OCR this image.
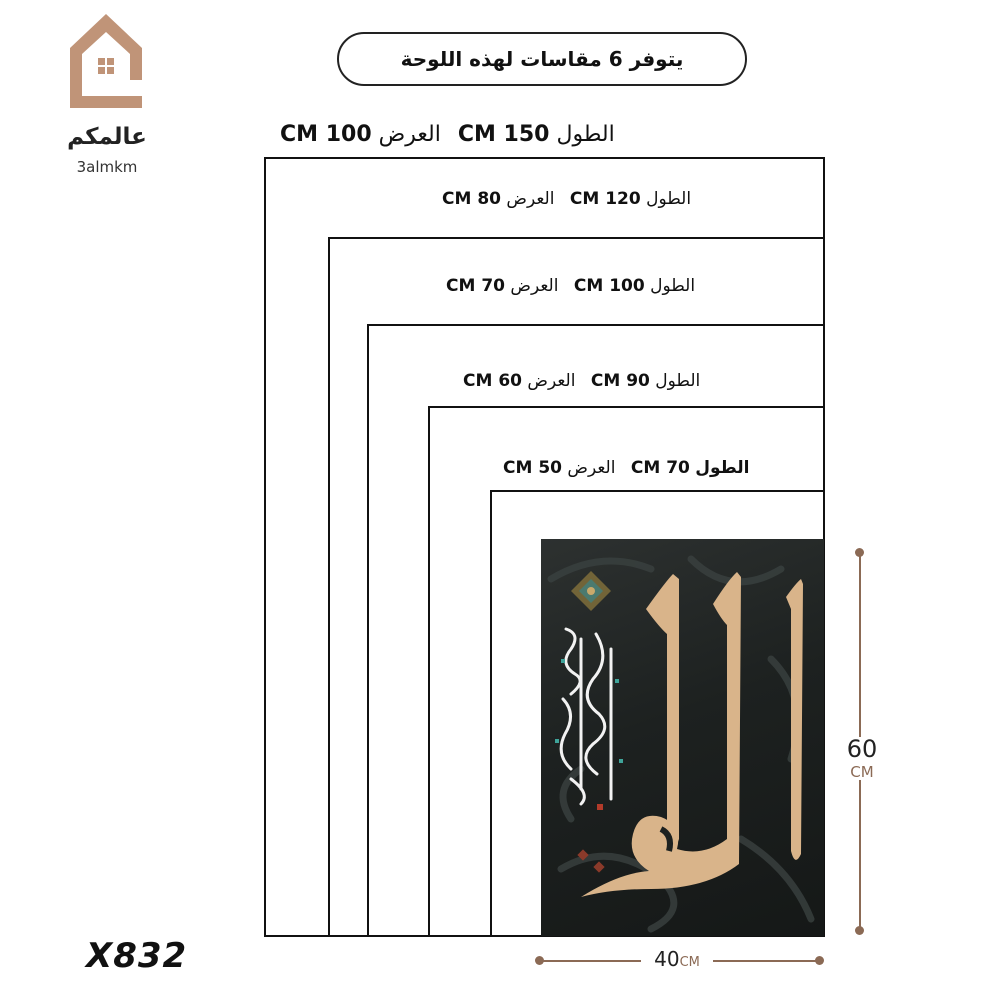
عالمكم
3almkm
يتوفر 6 مقاسات لهذه اللوحة
الطول 150 CM العرض 100 CM
الطول 120 CM العرض 80 CM
الطول 100 CM العرض 70 CM
الطول 90 CM العرض 60 CM
الطول 70 CM العرض 50 CM
60
CM
40CM
X832
